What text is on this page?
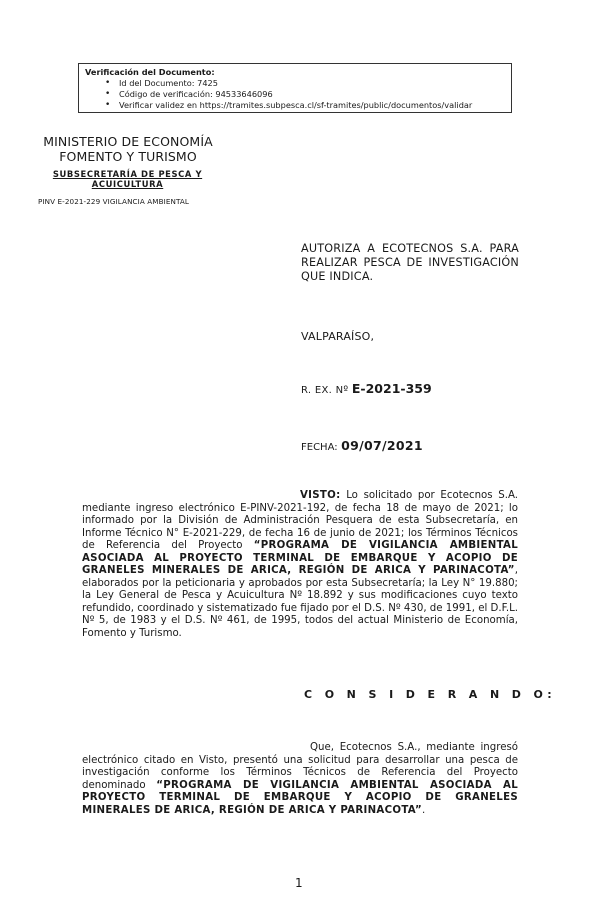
Verificación del Documento:
• Id del Documento: 7425
• Código de verificación: 94533646096
• Verificar validez en https://tramites.subpesca.cl/sf-tramites/public/documentos/validar
MINISTERIO DE ECONOMÍA
FOMENTO Y TURISMO
SUBSECRETARÍA DE PESCA Y ACUICULTURA
PINV E-2021-229 VIGILANCIA AMBIENTAL
AUTORIZA A ECOTECNOS S.A. PARA REALIZAR PESCA DE INVESTIGACIÓN QUE INDICA.
VALPARAÍSO,
R. EX. Nº E-2021-359
FECHA: 09/07/2021

VISTO: Lo solicitado por Ecotecnos S.A. mediante ingreso electrónico E-PINV-2021-192, de fecha 18 de mayo de 2021; lo informado por la División de Administración Pesquera de esta Subsecretaría, en Informe Técnico N° E-2021-229, de fecha 16 de junio de 2021; los Términos Técnicos de Referencia del Proyecto “PROGRAMA DE VIGILANCIA AMBIENTAL ASOCIADA AL PROYECTO TERMINAL DE EMBARQUE Y ACOPIO DE GRANELES MINERALES DE ARICA, REGIÓN DE ARICA Y PARINACOTA”, elaborados por la peticionaria y aprobados por esta Subsecretaría; la Ley N° 19.880; la Ley General de Pesca y Acuicultura Nº 18.892 y sus modificaciones cuyo texto refundido, coordinado y sistematizado fue fijado por el D.S. Nº 430, de 1991, el D.F.L. Nº 5, de 1983 y el D.S. Nº 461, de 1995, todos del actual Ministerio de Economía, Fomento y Turismo.

C O N S I D E R A N D O:

Que, Ecotecnos S.A., mediante ingresó electrónico citado en Visto, presentó una solicitud para desarrollar una pesca de investigación conforme los Términos Técnicos de Referencia del Proyecto denominado “PROGRAMA DE VIGILANCIA AMBIENTAL ASOCIADA AL PROYECTO TERMINAL DE EMBARQUE Y ACOPIO DE GRANELES MINERALES DE ARICA, REGIÓN DE ARICA Y PARINACOTA”.

1
